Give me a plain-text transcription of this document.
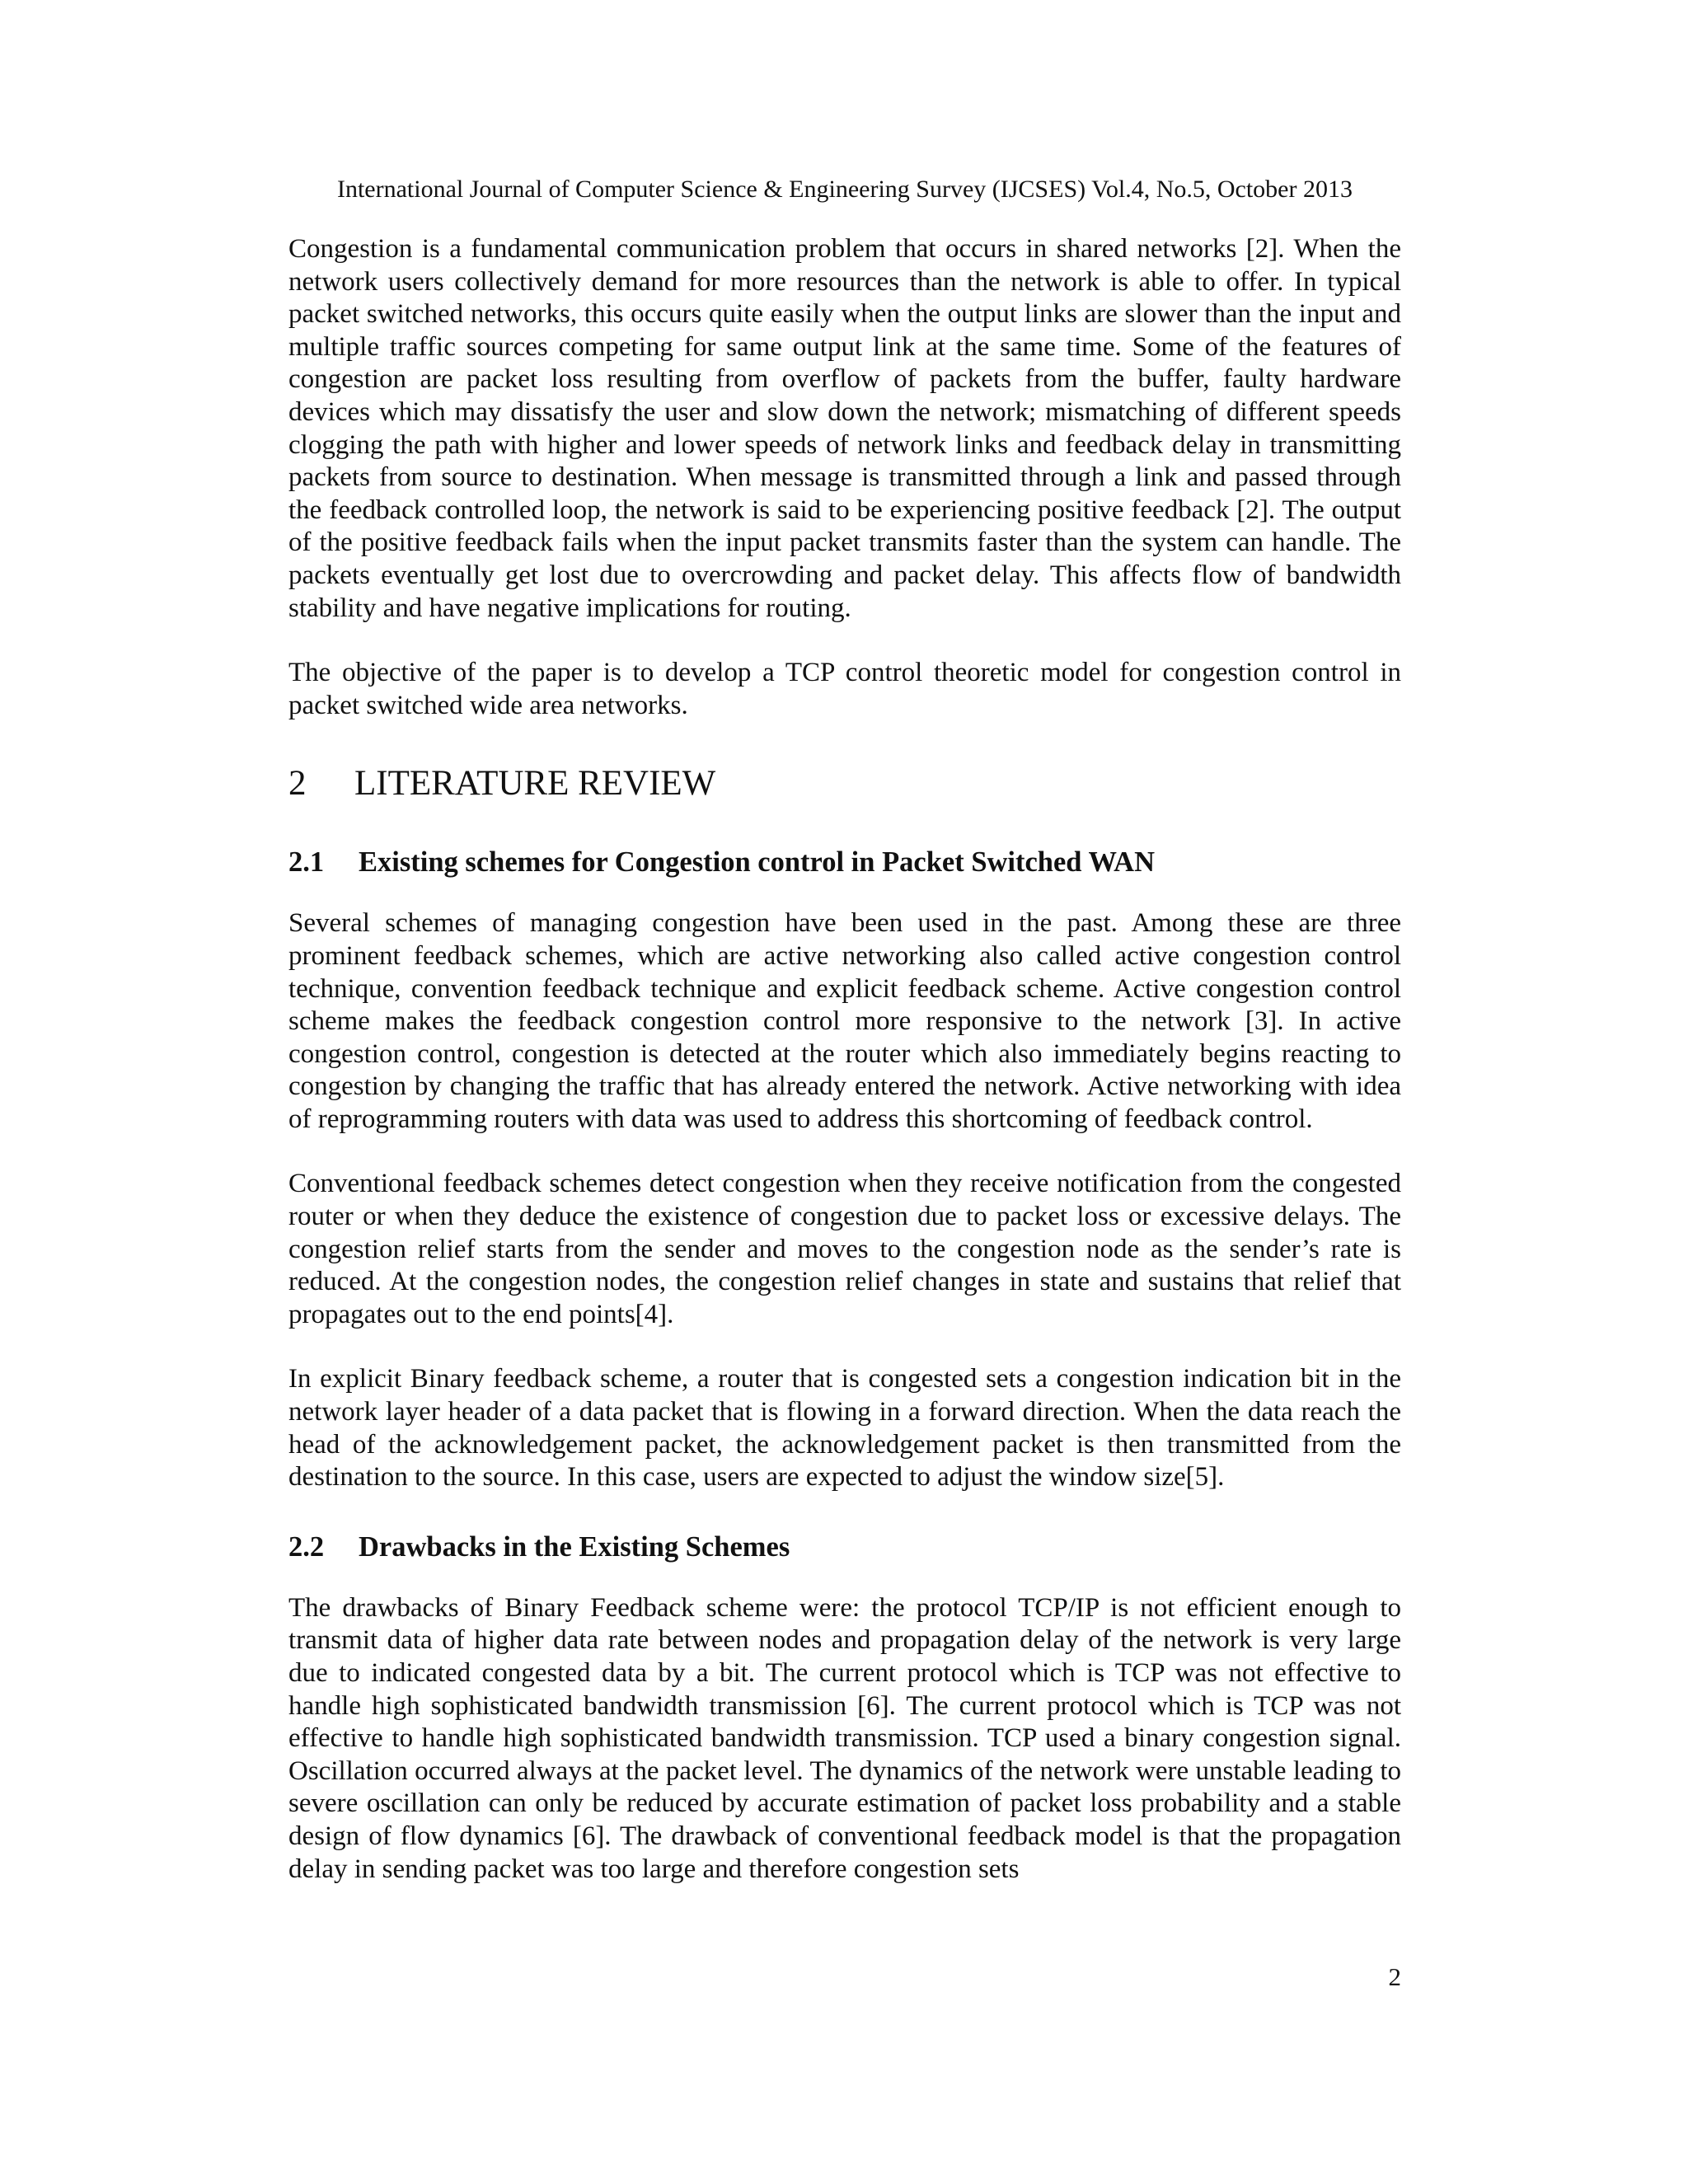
International Journal of Computer Science & Engineering Survey (IJCSES) Vol.4, No.5, October 2013

Congestion is a fundamental communication problem that occurs in shared networks [2]. When the network users collectively demand for more resources than the network is able to offer. In typical packet switched networks, this occurs quite easily when the output links are slower than the input and multiple traffic sources competing for same output link at the same time. Some of the features of congestion are packet loss resulting from overflow of packets from the buffer, faulty hardware devices which may dissatisfy the user and slow down the network; mismatching of different speeds clogging the path with higher and lower speeds of network links and feedback delay in transmitting packets from source to destination. When message is transmitted through a link and passed through the feedback controlled loop, the network is said to be experiencing positive feedback [2]. The output of the positive feedback fails when the input packet transmits faster than the system can handle. The packets eventually get lost due to overcrowding and packet delay. This affects flow of bandwidth stability and have negative implications for routing.

The objective of the paper is to develop a TCP control theoretic model for congestion control in packet switched wide area networks.

2 LITERATURE REVIEW
2.1 Existing schemes for Congestion control in Packet Switched WAN

Several schemes of managing congestion have been used in the past. Among these are three prominent feedback schemes, which are active networking also called active congestion control technique, convention feedback technique and explicit feedback scheme. Active congestion control scheme makes the feedback congestion control more responsive to the network [3]. In active congestion control, congestion is detected at the router which also immediately begins reacting to congestion by changing the traffic that has already entered the network. Active networking with idea of reprogramming routers with data was used to address this shortcoming of feedback control.

Conventional feedback schemes detect congestion when they receive notification from the congested router or when they deduce the existence of congestion due to packet loss or excessive delays. The congestion relief starts from the sender and moves to the congestion node as the sender’s rate is reduced. At the congestion nodes, the congestion relief changes in state and sustains that relief that propagates out to the end points[4].

In explicit Binary feedback scheme, a router that is congested sets a congestion indication bit in the network layer header of a data packet that is flowing in a forward direction. When the data reach the head of the acknowledgement packet, the acknowledgement packet is then transmitted from the destination to the source. In this case, users are expected to adjust the window size[5].

2.2 Drawbacks in the Existing Schemes

The drawbacks of Binary Feedback scheme were: the protocol TCP/IP is not efficient enough to transmit data of higher data rate between nodes and propagation delay of the network is very large due to indicated congested data by a bit. The current protocol which is TCP was not effective to handle high sophisticated bandwidth transmission [6]. The current protocol which is TCP was not effective to handle high sophisticated bandwidth transmission. TCP used a binary congestion signal. Oscillation occurred always at the packet level. The dynamics of the network were unstable leading to severe oscillation can only be reduced by accurate estimation of packet loss probability and a stable design of flow dynamics [6]. The drawback of conventional feedback model is that the propagation delay in sending packet was too large and therefore congestion sets

2
